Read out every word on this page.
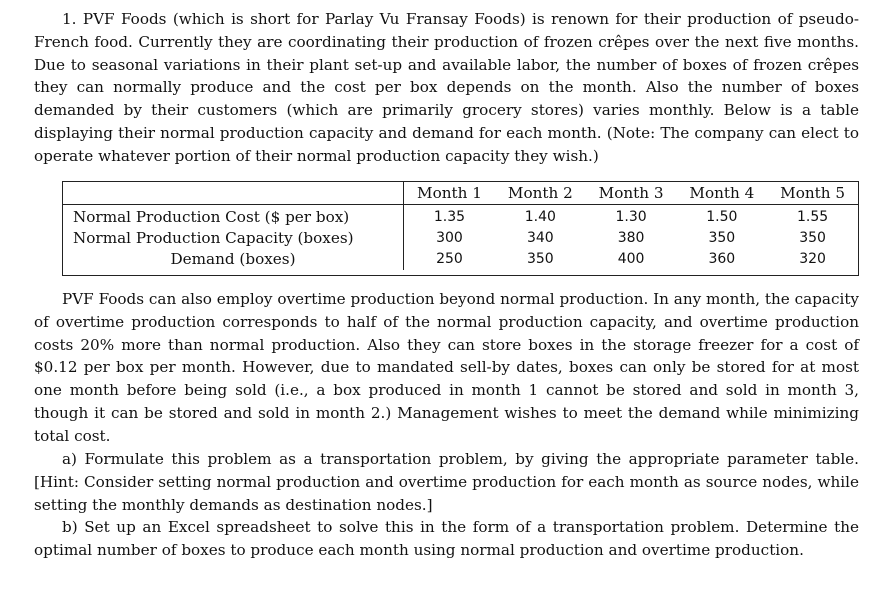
1. PVF Foods (which is short for Parlay Vu Fransay Foods) is renown for their production of pseudo-French food. Currently they are coordinating their production of frozen crêpes over the next five months. Due to seasonal variations in their plant set-up and available labor, the number of boxes of frozen crêpes they can normally produce and the cost per box depends on the month. Also the number of boxes demanded by their customers (which are primarily grocery stores) varies monthly. Below is a table displaying their normal production capacity and demand for each month. (Note: The company can elect to operate whatever portion of their normal production capacity they wish.)

	Month 1	Month 2	Month 3	Month 4	Month 5
Normal Production Cost ($ per box)	1.35	1.40	1.30	1.50	1.55
Normal Production Capacity (boxes)	300	340	380	350	350
Demand (boxes)	250	350	400	360	320

PVF Foods can also employ overtime production beyond normal production. In any month, the capacity of overtime production corresponds to half of the normal production capacity, and overtime production costs 20% more than normal production. Also they can store boxes in the storage freezer for a cost of $0.12 per box per month. However, due to mandated sell-by dates, boxes can only be stored for at most one month before being sold (i.e., a box produced in month 1 cannot be stored and sold in month 3, though it can be stored and sold in month 2.) Management wishes to meet the demand while minimizing total cost.

a) Formulate this problem as a transportation problem, by giving the appropriate parameter table. [Hint: Consider setting normal production and overtime production for each month as source nodes, while setting the monthly demands as destination nodes.]

b) Set up an Excel spreadsheet to solve this in the form of a transportation problem. Determine the optimal number of boxes to produce each month using normal production and overtime production.
